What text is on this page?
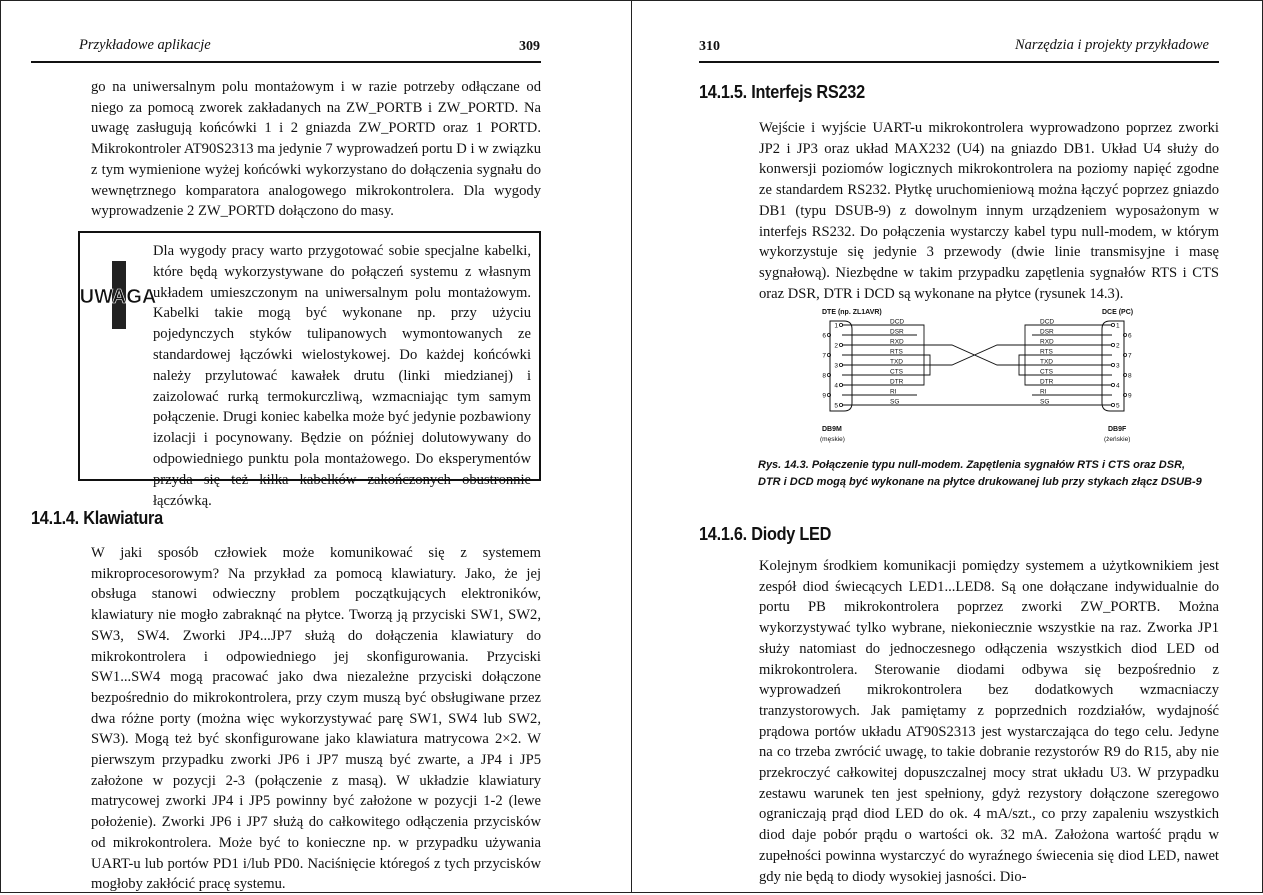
Przykładowe aplikacje	309

go na uniwersalnym polu montażowym i w razie potrzeby odłączane od niego za pomocą zworek zakładanych na ZW_PORTB i ZW_PORTD. Na uwagę zasługują końcówki 1 i 2 gniazda ZW_PORTD oraz 1 PORTD. Mikrokontroler AT90S2313 ma jedynie 7 wyprowadzeń portu D i w związku z tym wymienione wyżej końcówki wykorzystano do dołączenia sygnału do wewnętrznego komparatora analogowego mikrokontrolera. Dla wygody wyprowadzenie 2 ZW_PORTD dołączono do masy.

UWAGA

Dla wygody pracy warto przygotować sobie specjalne kabelki, które będą wykorzystywane do połączeń systemu z własnym układem umieszczonym na uniwersalnym polu montażowym. Kabelki takie mogą być wykonane np. przy użyciu pojedynczych styków tulipanowych wymontowanych ze standardowej łączówki wielostykowej. Do każdej końcówki należy przylutować kawałek drutu (linki miedzianej) i zaizolować rurką termokurczliwą, wzmacniając tym samym połączenie. Drugi koniec kabelka może być jedynie pozbawiony izolacji i pocynowany. Będzie on później dolutowywany do odpowiedniego punktu pola montażowego. Do eksperymentów przyda się też kilka kabelków zakończonych obustronnie łączówką.

14.1.4. Klawiatura

W jaki sposób człowiek może komunikować się z systemem mikroprocesorowym? Na przykład za pomocą klawiatury. Jako, że jej obsługa stanowi odwieczny problem początkujących elektroników, klawiatury nie mogło zabraknąć na płytce. Tworzą ją przyciski SW1, SW2, SW3, SW4. Zworki JP4...JP7 służą do dołączenia klawiatury do mikrokontrolera i odpowiedniego jej skonfigurowania. Przyciski SW1...SW4 mogą pracować jako dwa niezależne przyciski dołączone bezpośrednio do mikrokontrolera, przy czym muszą być obsługiwane przez dwa różne porty (można więc wykorzystywać parę SW1, SW4 lub SW2, SW3). Mogą też być skonfigurowane jako klawiatura matrycowa 2×2. W pierwszym przypadku zworki JP6 i JP7 muszą być zwarte, a JP4 i JP5 założone w pozycji 2-3 (połączenie z masą). W układzie klawiatury matrycowej zworki JP4 i JP5 powinny być założone w pozycji 1-2 (lewe położenie). Zworki JP6 i JP7 służą do całkowitego odłączenia przycisków od mikrokontrolera. Może być to konieczne np. w przypadku używania UART-u lub portów PD1 i/lub PD0. Naciśnięcie któregoś z tych przycisków mogłoby zakłócić pracę systemu.

310	Narzędzia i projekty przykładowe
14.1.5. Interfejs RS232

Wejście i wyjście UART-u mikrokontrolera wyprowadzono poprzez zworki JP2 i JP3 oraz układ MAX232 (U4) na gniazdo DB1. Układ U4 służy do konwersji poziomów logicznych mikrokontrolera na poziomy napięć zgodne ze standardem RS232. Płytkę uruchomieniową można łączyć poprzez gniazdo DB1 (typu DSUB-9) z dowolnym innym urządzeniem wyposażonym w interfejs RS232. Do połączenia wystarczy kabel typu null-modem, w którym wykorzystuje się jedynie 3 przewody (dwie linie transmisyjne i masę sygnałową). Niezbędne w takim przypadku zapętlenia sygnałów RTS i CTS oraz DSR, DTR i DCD są wykonane na płytce (rysunek 14.3).

14.1.6. Diody LED

Kolejnym środkiem komunikacji pomiędzy systemem a użytkownikiem jest zespół diod świecących LED1...LED8. Są one dołączane indywidualnie do portu PB mikrokontrolera poprzez zworki ZW_PORTB. Można wykorzystywać tylko wybrane, niekoniecznie wszystkie na raz. Zworka JP1 służy natomiast do jednoczesnego odłączenia wszystkich diod LED od mikrokontrolera. Sterowanie diodami odbywa się bezpośrednio z wyprowadzeń mikrokontrolera bez dodatkowych wzmacniaczy tranzystorowych. Jak pamiętamy z poprzednich rozdziałów, wydajność prądowa portów układu AT90S2313 jest wystarczająca do tego celu. Jedyne na co trzeba zwrócić uwagę, to takie dobranie rezystorów R9 do R15, aby nie przekroczyć całkowitej dopuszczalnej mocy strat układu U3. W przypadku zestawu warunek ten jest spełniony, gdyż rezystory dołączone szeregowo ograniczają prąd diod LED do ok. 4 mA/szt., co przy zapaleniu wszystkich diod daje pobór prądu o wartości ok. 32 mA. Założona wartość prądu w zupełności powinna wystarczyć do wyraźnego świecenia się diod LED, nawet gdy nie będą to diody wysokiej jasności. Dio-

DTE (np. ZL1AVR)	DCE (PC)
1
6
2
7
3
8
4
9
5
1
6
2
7
3
8
4
9
5
DCD
DSR
RXD
RTS
TXD
CTS
DTR
RI
SG
DCD
DSR
RXD
RTS
TXD
CTS
DTR
RI
SG
DB9M
(męskie)
DB9F
(żeńskie)
Rys. 14.3. Połączenie typu null-modem. Zapętlenia sygnałów RTS i CTS oraz DSR, DTR i DCD mogą być wykonane na płytce drukowanej lub przy stykach złącz DSUB-9
